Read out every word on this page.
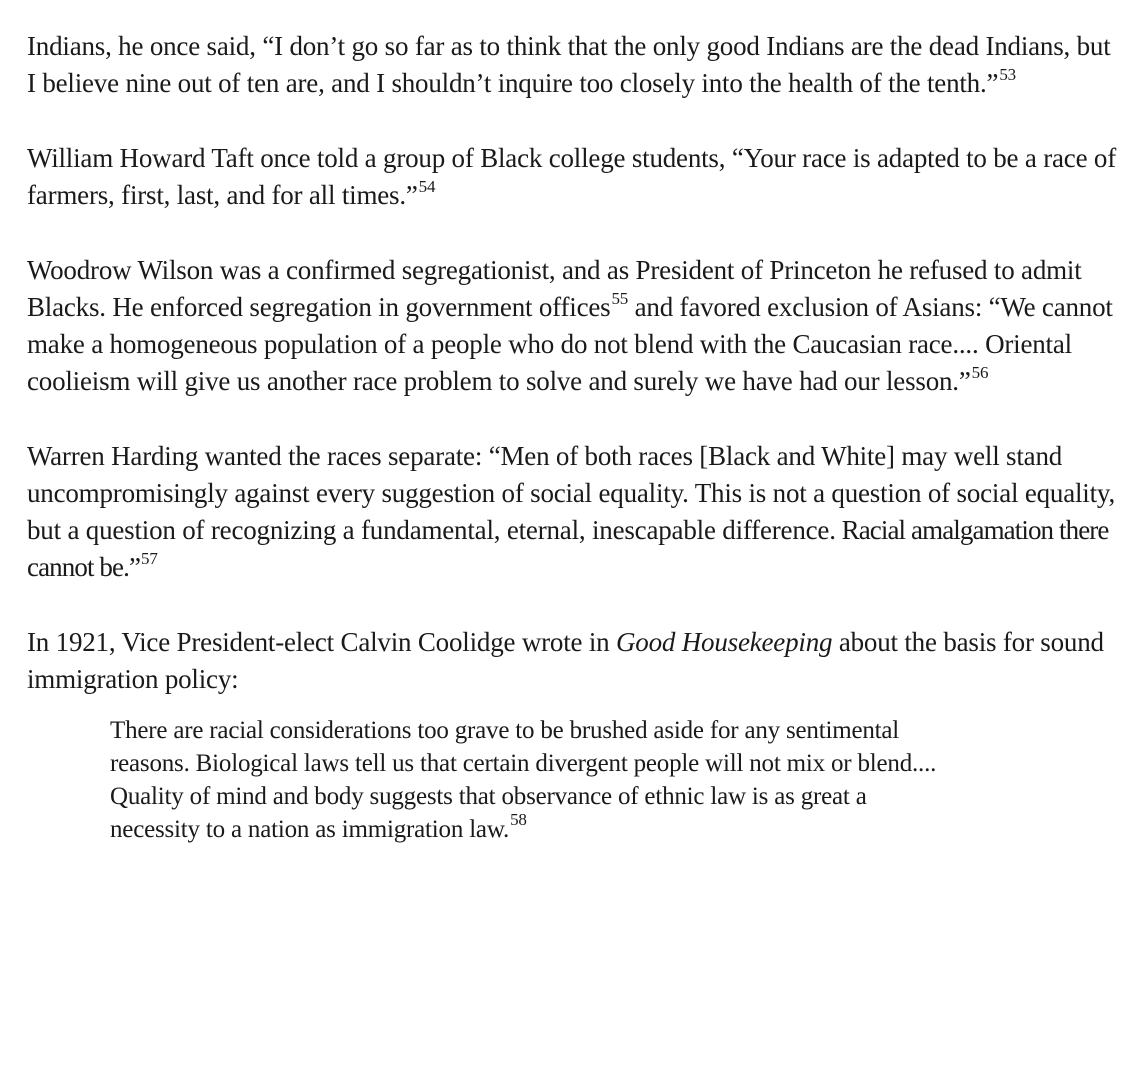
Indians, he once said, “I don’t go so far as to think that the only good Indians are the dead Indians, but I believe nine out of ten are, and I shouldn’t inquire too closely into the health of the tenth.”$^{53}$

William Howard Taft once told a group of Black college students, “Your race is adapted to be a race of farmers, first, last, and for all times.”$^{54}$

Woodrow Wilson was a confirmed segregationist, and as President of Princeton he refused to admit Blacks. He enforced segregation in government offices$^{55}$ and favored exclusion of Asians: “We cannot make a homogeneous population of a people who do not blend with the Caucasian race.... Oriental coolieism will give us another race problem to solve and surely we have had our lesson.”$^{56}$

Warren Harding wanted the races separate: “Men of both races [Black and White] may well stand uncompromisingly against every suggestion of social equality. This is not a question of social equality, but a question of recognizing a fundamental, eternal, inescapable difference. Racial amalgamation there cannot be.”$^{57}$

In 1921, Vice President-elect Calvin Coolidge wrote in Good Housekeeping about the basis for sound immigration policy:

There are racial considerations too grave to be brushed aside for any sentimental reasons. Biological laws tell us that certain divergent people will not mix or blend.... Quality of mind and body suggests that observance of ethnic law is as great a necessity to a nation as immigration law.$^{58}$
